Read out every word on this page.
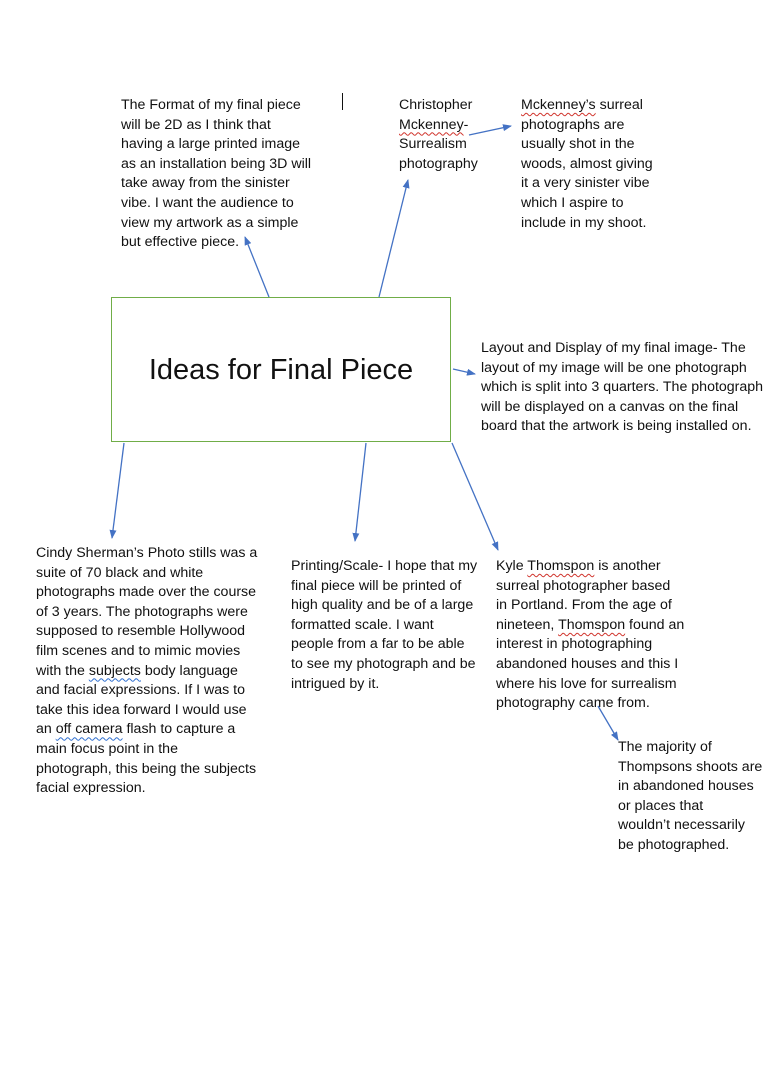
Ideas for Final Piece

The Format of my final piece
will be 2D as I think that
having a large printed image
as an installation being 3D will
take away from the sinister
vibe. I want the audience to
view my artwork as a simple
but effective piece.

Christopher
Mckenney-
Surrealism
photography

Mckenney’s surreal
photographs are
usually shot in the
woods, almost giving
it a very sinister vibe
which I aspire to
include in my shoot.

Layout and Display of my final image- The
layout of my image will be one photograph
which is split into 3 quarters. The photograph
will be displayed on a canvas on the final
board that the artwork is being installed on.

Cindy Sherman’s Photo stills was a
suite of 70 black and white
photographs made over the course
of 3 years. The photographs were
supposed to resemble Hollywood
film scenes and to mimic movies
with the subjects body language
and facial expressions. If I was to
take this idea forward I would use
an off camera flash to capture a
main focus point in the
photograph, this being the subjects
facial expression.

Printing/Scale- I hope that my
final piece will be printed of
high quality and be of a large
formatted scale. I want
people from a far to be able
to see my photograph and be
intrigued by it.

Kyle Thomspon is another
surreal photographer based
in Portland. From the age of
nineteen, Thomspon found an
interest in photographing
abandoned houses and this I
where his love for surrealism
photography came from.

The majority of
Thompsons shoots are
in abandoned houses
or places that
wouldn’t necessarily
be photographed.
